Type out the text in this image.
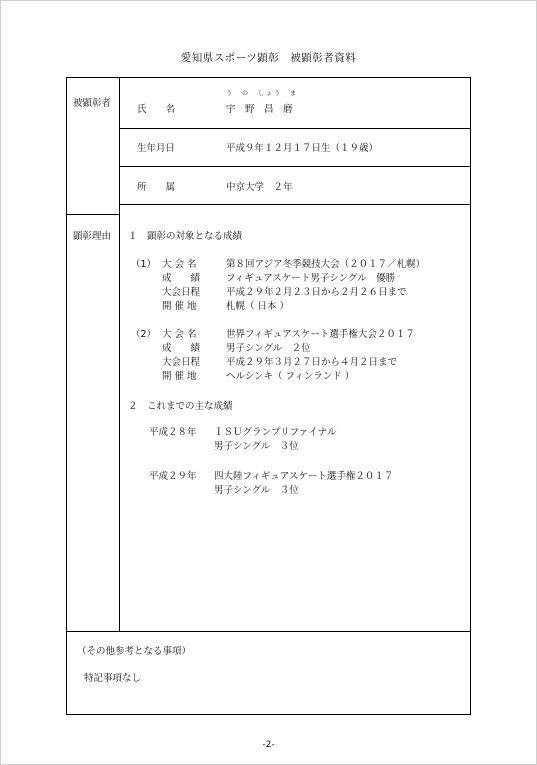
愛知県スポーツ顕彰　被顕彰者資料
被顕彰者
う　の　しょう　ま
氏　　名	宇　野　昌　磨
生年月日	平成９年１２月１７日生（１９歳）
所　　属	中京大学　２年
顕彰理由 １　顕彰の対象となる成績
（1） 大 会 名	第８回アジア冬季競技大会（２０１７／札幌）
成　　績	フィギュアスケート男子シングル　優勝
大会日程	平成２９年２月２３日から２月２６日まで
開 催 地	札幌（ 日本 ）
（2） 大 会 名	世界フィギュアスケート選手権大会２０１７
成　　績	男子シングル　２位
大会日程	平成２９年３月２７日から４月２日まで
開 催 地	ヘルシンキ（ フィンランド ）
２　これまでの主な成績
平成２８年 ＩＳＵグランプリファイナル
男子シングル　３位
平成２９年 四大陸フィギュアスケート選手権２０１７
男子シングル　３位
（その他参考となる事項）
特記事項なし
-2-
